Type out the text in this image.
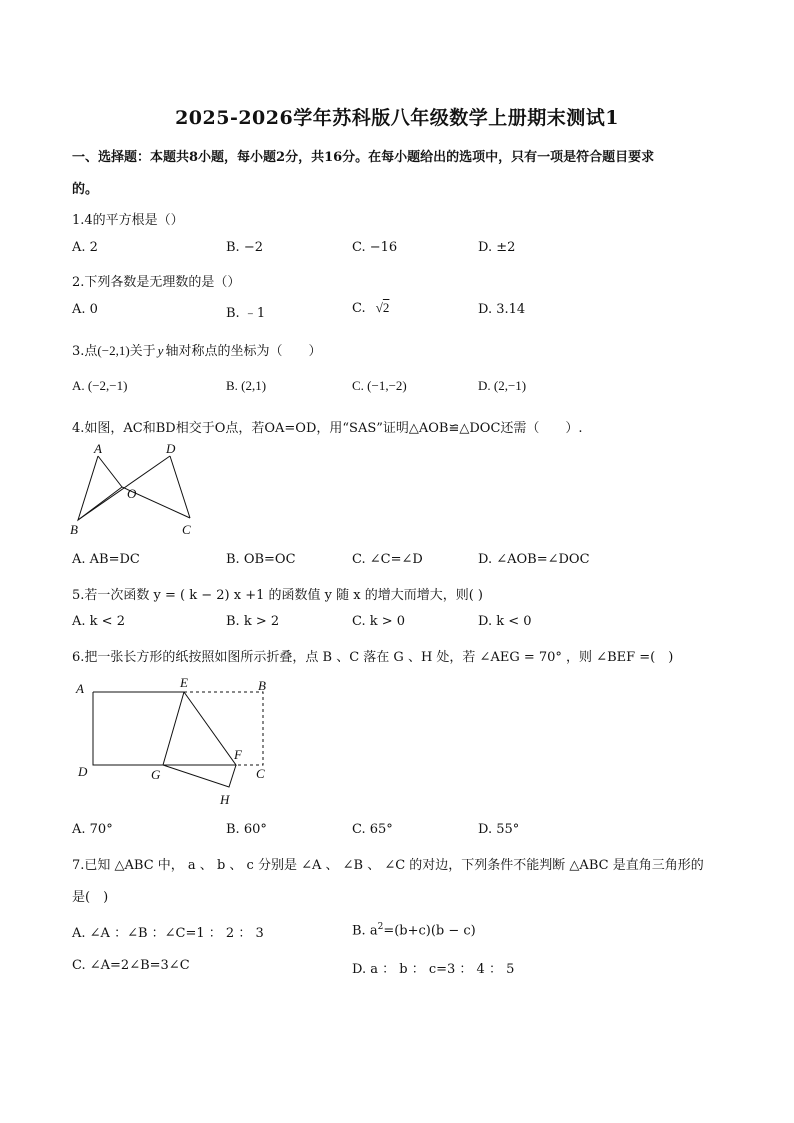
2025-2026学年苏科版八年级数学上册期末测试1
一、选择题：本题共8小题，每小题2分，共16分。在每小题给出的选项中，只有一项是符合题目要求
的。
1.4的平方根是（）
A. 2	B. −2	C. −16	D. ±2
2.下列各数是无理数的是（）
A. 0	B. ﹣1	C. √2	D. 3.14
3.点(−2,1)关于 y 轴对称点的坐标为（　　）
A. (−2,−1)	B. (2,1)	C. (−1,−2)	D. (2,−1)
4.如图，AC和BD相交于O点，若OA=OD，用“SAS”证明△AOB≌△DOC还需（　　）.
A	D
O
B	C
A. AB=DC	B. OB=OC	C. ∠C=∠D	D. ∠AOB=∠DOC
5.若一次函数 y = ( k − 2) x +1 的函数值 y 随 x 的增大而增大，则( )
A. k < 2	B. k > 2	C. k > 0	D. k < 0
6.把一张长方形的纸按照如图所示折叠，点 B 、C 落在 G 、H 处，若 ∠AEG = 70° ，则 ∠BEF =(　)
A	E	B
D	G
F
C
H
A. 70°	B. 60°	C. 65°	D. 55°
7.已知 △ABC 中， a 、 b 、 c 分别是 ∠A 、 ∠B 、 ∠C 的对边，下列条件不能判断 △ABC 是直角三角形的
是(　)
A. ∠A ：∠B ：∠C=1 ： 2 ： 3	B. $a^2=(b+c)(b - c)$
C. ∠A=2∠B=3∠C	D. a ： b ： c=3 ： 4 ： 5
